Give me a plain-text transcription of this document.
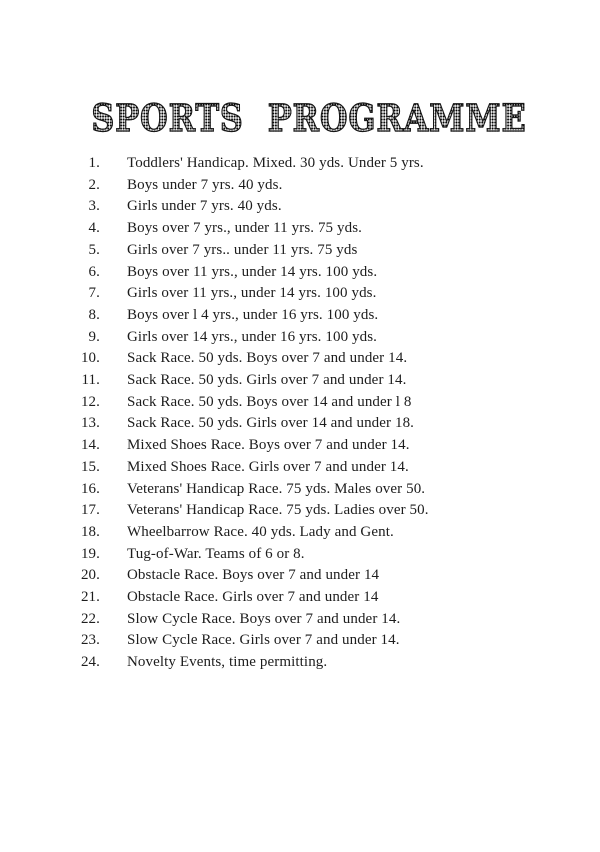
SPORTS PROGRAMME
1. Toddlers' Handicap. Mixed. 30 yds. Under 5 yrs.
2. Boys under 7 yrs. 40 yds.
3. Girls under 7 yrs. 40 yds.
4. Boys over 7 yrs., under 11 yrs. 75 yds.
5. Girls over 7 yrs.. under 11 yrs. 75 yds
6. Boys over 11 yrs., under 14 yrs. 100 yds.
7. Girls over 11 yrs., under 14 yrs. 100 yds.
8. Boys over l 4 yrs., under 16 yrs. 100 yds.
9. Girls over 14 yrs., under 16 yrs. 100 yds.
10. Sack Race. 50 yds. Boys over 7 and under 14.
11. Sack Race. 50 yds. Girls over 7 and under 14.
12. Sack Race. 50 yds. Boys over 14 and under l 8
13. Sack Race. 50 yds. Girls over 14 and under 18.
14. Mixed Shoes Race. Boys over 7 and under 14.
15. Mixed Shoes Race. Girls over 7 and under 14.
16. Veterans' Handicap Race. 75 yds. Males over 50.
17. Veterans' Handicap Race. 75 yds. Ladies over 50.
18. Wheelbarrow Race. 40 yds. Lady and Gent.
19. Tug-of-War. Teams of 6 or 8.
20. Obstacle Race. Boys over 7 and under 14
21. Obstacle Race. Girls over 7 and under 14
22. Slow Cycle Race. Boys over 7 and under 14.
23. Slow Cycle Race. Girls over 7 and under 14.
24. Novelty Events, time permitting.
